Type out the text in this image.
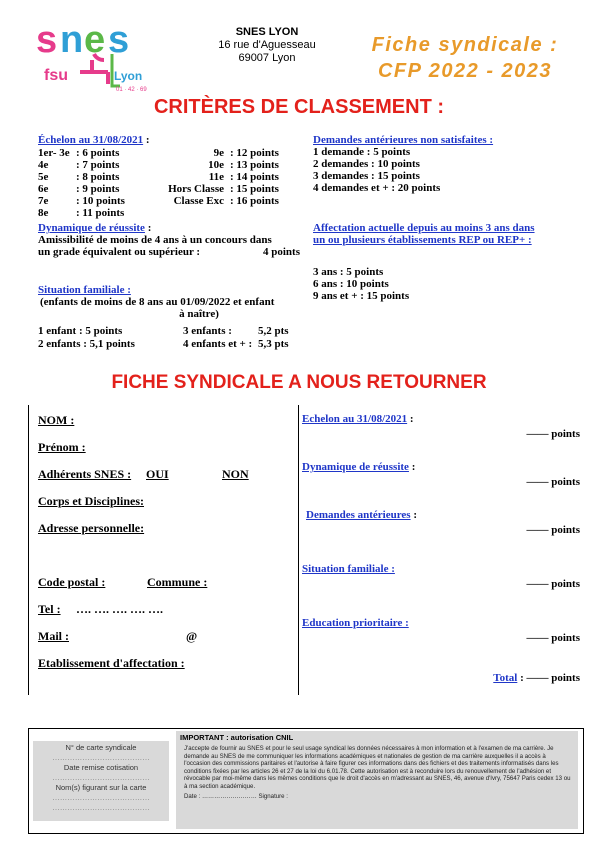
s n e s
fsu	Lyon
01 · 42 · 69
SNES LYON
16 rue d'Aguesseau
69007 Lyon
Fiche syndicale :
CFP 2022 - 2023
CRITÈRES DE CLASSEMENT :
Échelon au 31/08/2021 :
1er- 3e : 6 points
4e	: 7 points
5e	: 8 points
6e	: 9 points
7e	: 10 points
8e	: 11 points
9e : 12 points
10e : 13 points
11e : 14 points
Hors Classe : 15 points
Classe Exc : 16 points
Dynamique de réussite :
Amissibilité de moins de 4 ans à un concours dans
un grade équivalent ou supérieur :	4 points
Situation familiale :
(enfants de moins de 8 ans au 01/09/2022 et enfant
à naître)
1 enfant : 5 points	3 enfants : 5,2 pts
2 enfants : 5,1 points	4 enfants et + : 5,3 pts
Demandes antérieures non satisfaites :
1 demande : 5 points
2 demandes : 10 points
3 demandes : 15 points
4 demandes et + : 20 points
Affectation actuelle depuis au moins 3 ans dans
un ou plusieurs établissements REP ou REP+ :
3 ans : 5 points
6 ans : 10 points
9 ans et + : 15 points
FICHE SYNDICALE A NOUS RETOURNER
NOM :
Prénom :
Adhérents SNES : OUI	NON
Corps et Disciplines:
Adresse personnelle:
Code postal :	Commune :
Tel : …. …. …. …. ….
Mail :	@
Etablissement d'affectation :
Echelon au 31/08/2021 :
—— points
Dynamique de réussite :
—— points
Demandes antérieures :
—— points
Situation familiale :
—— points
Education prioritaire :
—— points
Total : —— points
N° de carte syndicale
…………………………………
Date remise cotisation
…………………………………
Nom(s) figurant sur la carte
…………………………………
…………………………………
IMPORTANT : autorisation CNIL
J'accepte de fournir au SNES et pour le seul usage syndical les données nécessaires à mon information et à l'examen de ma carrière. Je demande au SNES de me communiquer les informations académiques et nationales de gestion de ma carrière auxquelles il a accès à l'occasion des commissions paritaires et l'autorise à faire figurer ces informations dans des fichiers et des traitements informatisés dans les conditions fixées par les articles 26 et 27 de la loi du 6.01.78. Cette autorisation est à reconduire lors du renouvellement de l'adhésion et révocable par moi-même dans les mêmes conditions que le droit d'accès en m'adressant au SNES, 46, avenue d'Ivry, 75647 Paris cedex 13 ou à ma section académique.
Date : ……………………… Signature :
